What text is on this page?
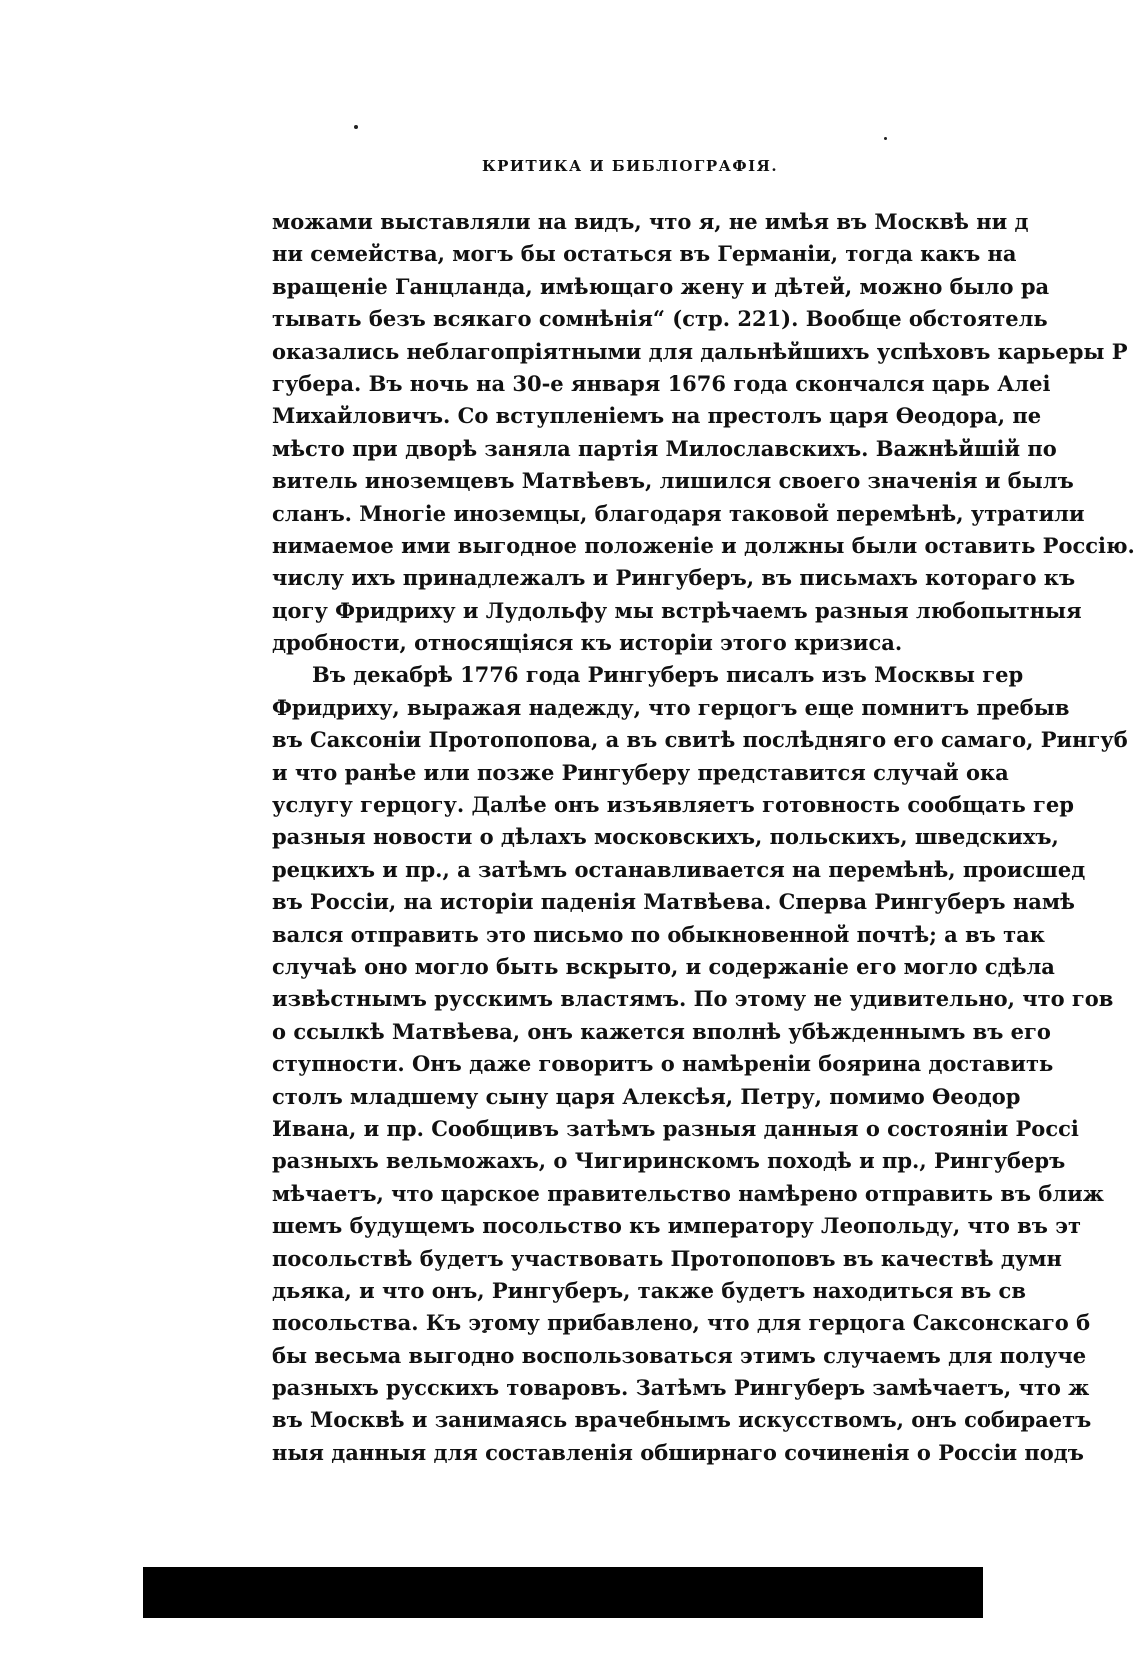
КРИТИКА И БИБЛІОГРАФІЯ.
можами выставляли на видъ, что я, не имѣя въ Москвѣ ни д
ни семейства, могъ бы остаться въ Германіи, тогда какъ на
вращеніе Ганцланда, имѣющаго жену и дѣтей, можно было ра
тывать безъ всякаго сомнѣнія“ (стр. 221). Вообще обстоятель
оказались неблагопріятными для дальнѣйшихъ успѣховъ карьеры Р
губера. Въ ночь на 30-е января 1676 года скончался царь Алеі
Михайловичъ. Со вступленіемъ на престолъ царя Өеодора, пе
мѣсто при дворѣ заняла партія Милославскихъ. Важнѣйшій по
витель иноземцевъ Матвѣевъ, лишился своего значенія и былъ
сланъ. Многіе иноземцы, благодаря таковой перемѣнѣ, утратили
нимаемое ими выгодное положеніе и должны были оставить Россію.
числу ихъ принадлежалъ и Рингуберъ, въ письмахъ котораго къ
цогу Фридриху и Лудольфу мы встрѣчаемъ разныя любопытныя
дробности, относящіяся къ исторіи этого кризиса.
Въ декабрѣ 1776 года Рингуберъ писалъ изъ Москвы гер
Фридриху, выражая надежду, что герцогъ еще помнитъ пребыв
въ Саксоніи Протопопова, а въ свитѣ послѣдняго его самаго, Рингуб
и что ранѣе или позже Рингуберу представится случай ока
услугу герцогу. Далѣе онъ изъявляетъ готовность сообщать гер
разныя новости о дѣлахъ московскихъ, польскихъ, шведскихъ,
рецкихъ и пр., а затѣмъ останавливается на перемѣнѣ, происшед
въ Россіи, на исторіи паденія Матвѣева. Сперва Рингуберъ намѣ
вался отправить это письмо по обыкновенной почтѣ; а въ так
случаѣ оно могло быть вскрыто, и содержаніе его могло сдѣла
извѣстнымъ русскимъ властямъ. По этому не удивительно, что гов
о ссылкѣ Матвѣева, онъ кажется вполнѣ убѣжденнымъ въ его
ступности. Онъ даже говоритъ о намѣреніи боярина доставить
столъ младшему сыну царя Алексѣя, Петру, помимо Өеодор
Ивана, и пр. Сообщивъ затѣмъ разныя данныя о состояніи Россі
разныхъ вельможахъ, о Чигиринскомъ походѣ и пр., Рингуберъ
мѣчаетъ, что царское правительство намѣрено отправить въ ближ
шемъ будущемъ посольство къ императору Леопольду, что въ эт
посольствѣ будетъ участвовать Протопоповъ въ качествѣ думн
дьяка, и что онъ, Рингуберъ, также будетъ находиться въ св
посольства. Къ этому прибавлено, что для герцога Саксонскаго б
бы весьма выгодно воспользоваться этимъ случаемъ для получе
разныхъ русскихъ товаровъ. Затѣмъ Рингуберъ замѣчаетъ, что ж
въ Москвѣ и занимаясь врачебнымъ искусствомъ, онъ собираетъ
ныя данныя для составленія обширнаго сочиненія о Россіи подъ
